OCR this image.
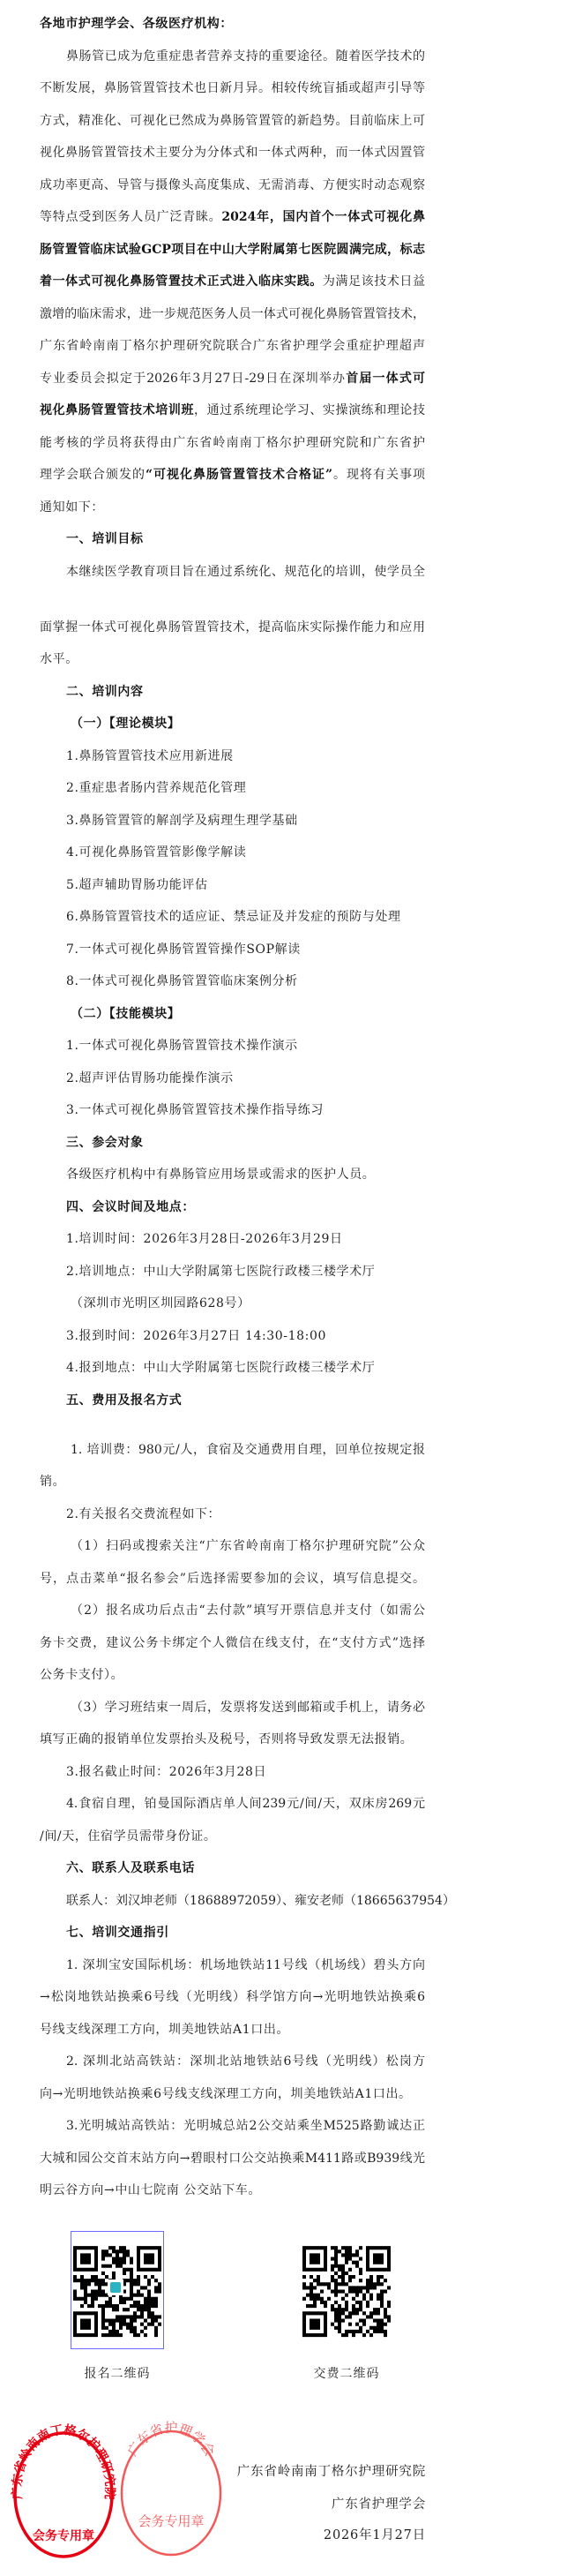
各地市护理学会、各级医疗机构：
鼻肠管已成为危重症患者营养支持的重要途径。随着医学技术的
不断发展，鼻肠管置管技术也日新月异。相较传统盲插或超声引导等
方式，精准化、可视化已然成为鼻肠管置管的新趋势。目前临床上可
视化鼻肠管置管技术主要分为分体式和一体式两种，而一体式因置管
成功率更高、导管与摄像头高度集成、无需消毒、方便实时动态观察
等特点受到医务人员广泛青睐。2024年，国内首个一体式可视化鼻
肠管置管临床试验GCP项目在中山大学附属第七医院圆满完成，标志
着一体式可视化鼻肠管置技术正式进入临床实践。为满足该技术日益
激增的临床需求，进一步规范医务人员一体式可视化鼻肠管置管技术，
广东省岭南南丁格尔护理研究院联合广东省护理学会重症护理超声
专业委员会拟定于2026年3月27日-29日在深圳举办首届一体式可
视化鼻肠管置管技术培训班，通过系统理论学习、实操演练和理论技
能考核的学员将获得由广东省岭南南丁格尔护理研究院和广东省护
理学会联合颁发的“可视化鼻肠管置管技术合格证”。现将有关事项
通知如下：
一、培训目标
本继续医学教育项目旨在通过系统化、规范化的培训，使学员全
面掌握一体式可视化鼻肠管置管技术，提高临床实际操作能力和应用
水平。
二、培训内容
（一）【理论模块】
1.鼻肠管置管技术应用新进展
2.重症患者肠内营养规范化管理
3.鼻肠管置管的解剖学及病理生理学基础
4.可视化鼻肠管置管影像学解读
5.超声辅助胃肠功能评估
6.鼻肠管置管技术的适应证、禁忌证及并发症的预防与处理
7.一体式可视化鼻肠管置管操作SOP解读
8.一体式可视化鼻肠管置管临床案例分析
（二）【技能模块】
1.一体式可视化鼻肠管置管技术操作演示
2.超声评估胃肠功能操作演示
3.一体式可视化鼻肠管置管技术操作指导练习
三、参会对象
各级医疗机构中有鼻肠管应用场景或需求的医护人员。
四、会议时间及地点：
1.培训时间：2026年3月28日-2026年3月29日
2.培训地点：中山大学附属第七医院行政楼三楼学术厅
（深圳市光明区圳园路628号）
3.报到时间：2026年3月27日 14:30-18:00
4.报到地点：中山大学附属第七医院行政楼三楼学术厅
五、费用及报名方式
1. 培训费：980元/人，食宿及交通费用自理，回单位按规定报
销。
2.有关报名交费流程如下：
（1）扫码或搜索关注“广东省岭南南丁格尔护理研究院”公众
号，点击菜单“报名参会”后选择需要参加的会议，填写信息提交。
（2）报名成功后点击“去付款”填写开票信息并支付（如需公
务卡交费，建议公务卡绑定个人微信在线支付，在“支付方式”选择
公务卡支付）。
（3）学习班结束一周后，发票将发送到邮箱或手机上，请务必
填写正确的报销单位发票抬头及税号，否则将导致发票无法报销。
3.报名截止时间：2026年3月28日
4.食宿自理，铂曼国际酒店单人间239元/间/天，双床房269元
/间/天，住宿学员需带身份证。
六、联系人及联系电话
联系人：刘汉坤老师（18688972059）、雍安老师（18665637954）
七、培训交通指引
1. 深圳宝安国际机场：机场地铁站11号线（机场线）碧头方向
→松岗地铁站换乘6号线（光明线）科学馆方向→光明地铁站换乘6
号线支线深理工方向，圳美地铁站A1口出。
2. 深圳北站高铁站：深圳北站地铁站6号线（光明线）松岗方
向→光明地铁站换乘6号线支线深理工方向，圳美地铁站A1口出。
3.光明城站高铁站：光明城总站2公交站乘坐M525路勤诚达正
大城和园公交首末站方向→碧眼村口公交站换乘M411路或B939线光
明云谷方向→中山七院南 公交站下车。
报名二维码	交费二维码
广东省岭南南丁格尔护理研究院
会务专用章
广东省护理学会
会务专用章
广东省岭南南丁格尔护理研究院
广东省护理学会
2026年1月27日
